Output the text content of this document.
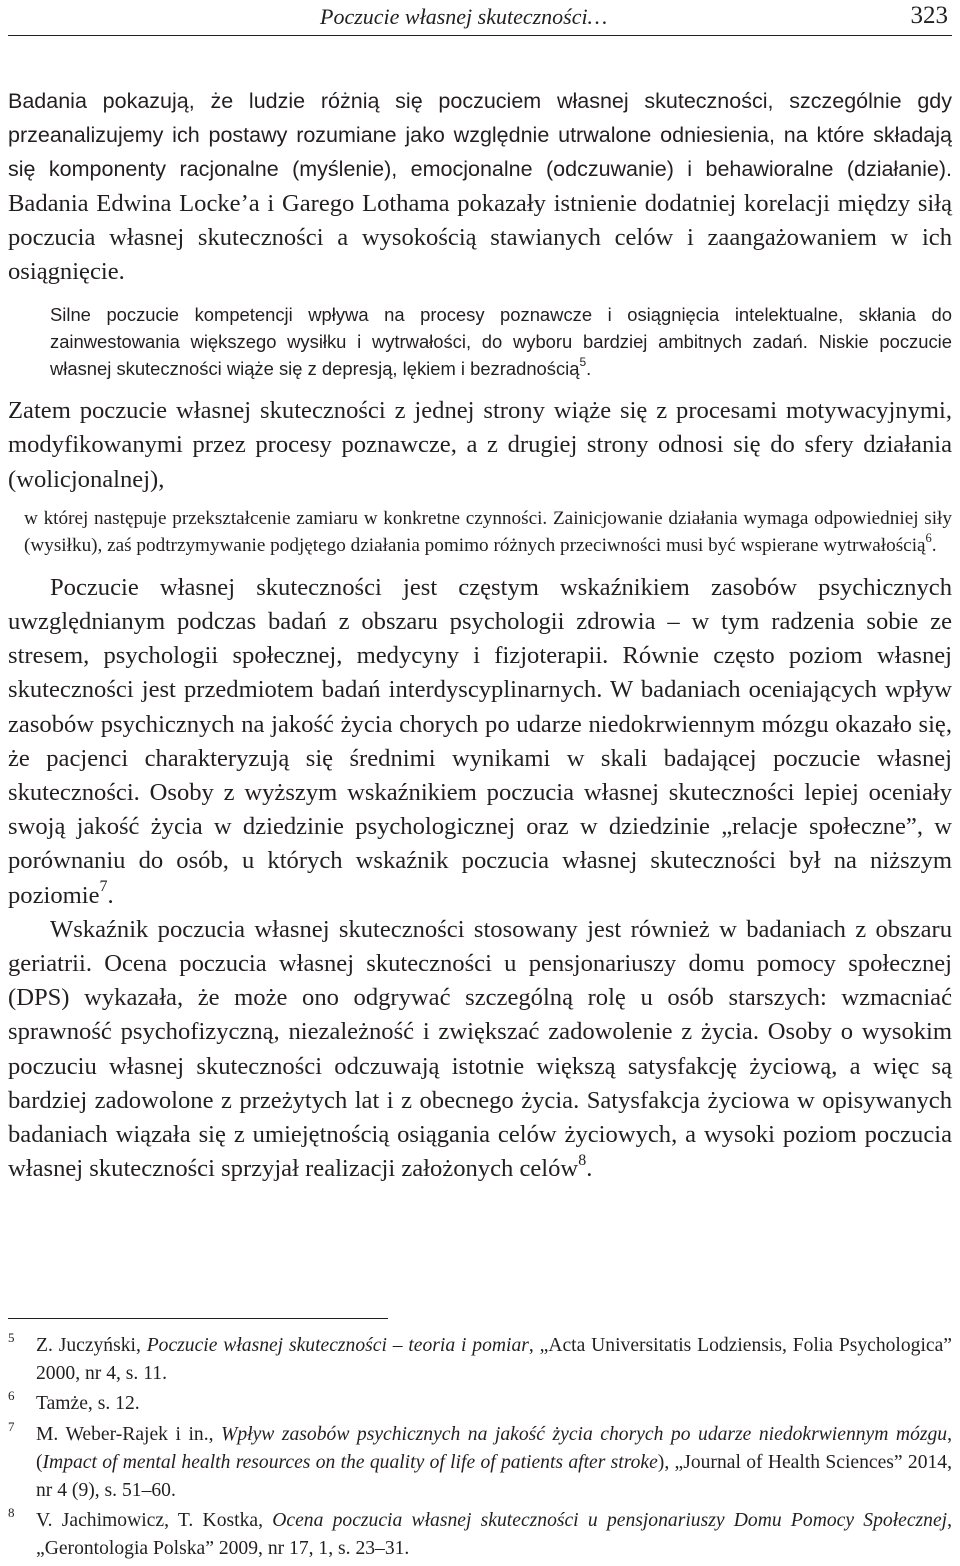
Poczucie własnej skuteczności…	323

Badania pokazują, że ludzie różnią się poczuciem własnej skuteczności, szczególnie gdy przeanalizujemy ich postawy rozumiane jako względnie utrwalone odniesienia, na które składają się komponenty racjonalne (myślenie), emocjonalne (odczuwanie) i behawioralne (działanie). Badania Edwina Locke’a i Garego Lothama pokazały istnienie dodatniej korelacji między siłą poczucia własnej skuteczności a wysokością stawianych celów i zaangażowaniem w ich osiągnięcie.

Silne poczucie kompetencji wpływa na procesy poznawcze i osiągnięcia intelektualne, skłania do zainwestowania większego wysiłku i wytrwałości, do wyboru bardziej ambitnych zadań. Niskie poczucie własnej skuteczności wiąże się z depresją, lękiem i bezradnością$^5$.

Zatem poczucie własnej skuteczności z jednej strony wiąże się z procesami motywacyjnymi, modyfikowanymi przez procesy poznawcze, a z drugiej strony odnosi się do sfery działania (wolicjonalnej),

w której następuje przekształcenie zamiaru w konkretne czynności. Zainicjowanie działania wymaga odpowiedniej siły (wysiłku), zaś podtrzymywanie podjętego działania pomimo różnych przeciwności musi być wspierane wytrwałością$^6$.

Poczucie własnej skuteczności jest częstym wskaźnikiem zasobów psychicznych uwzględnianym podczas badań z obszaru psychologii zdrowia – w tym radzenia sobie ze stresem, psychologii społecznej, medycyny i fizjoterapii. Równie często poziom własnej skuteczności jest przedmiotem badań interdyscyplinarnych. W badaniach oceniających wpływ zasobów psychicznych na jakość życia chorych po udarze niedokrwiennym mózgu okazało się, że pacjenci charakteryzują się średnimi wynikami w skali badającej poczucie własnej skuteczności. Osoby z wyższym wskaźnikiem poczucia własnej skuteczności lepiej oceniały swoją jakość życia w dziedzinie psychologicznej oraz w dziedzinie „relacje społeczne”, w porównaniu do osób, u których wskaźnik poczucia własnej skuteczności był na niższym poziomie$^7$.

Wskaźnik poczucia własnej skuteczności stosowany jest również w badaniach z obszaru geriatrii. Ocena poczucia własnej skuteczności u pensjonariuszy domu pomocy społecznej (DPS) wykazała, że może ono odgrywać szczególną rolę u osób starszych: wzmacniać sprawność psychofizyczną, niezależność i zwiększać zadowolenie z życia. Osoby o wysokim poczuciu własnej skuteczności odczuwają istotnie większą satysfakcję życiową, a więc są bardziej zadowolone z przeżytych lat i z obecnego życia. Satysfakcja życiowa w opisywanych badaniach wiązała się z umiejętnością osiągania celów życiowych, a wysoki poziom poczucia własnej skuteczności sprzyjał realizacji założonych celów$^8$.

5 Z. Juczyński, Poczucie własnej skuteczności – teoria i pomiar, „Acta Universitatis Lodziensis, Folia Psychologica” 2000, nr 4, s. 11.
6 Tamże, s. 12.
7 M. Weber-Rajek i in., Wpływ zasobów psychicznych na jakość życia chorych po udarze niedokrwiennym mózgu, (Impact of mental health resources on the quality of life of patients after stroke), „Journal of Health Sciences” 2014, nr 4 (9), s. 51–60.
8 V. Jachimowicz, T. Kostka, Ocena poczucia własnej skuteczności u pensjonariuszy Domu Pomocy Społecznej, „Gerontologia Polska” 2009, nr 17, 1, s. 23–31.
